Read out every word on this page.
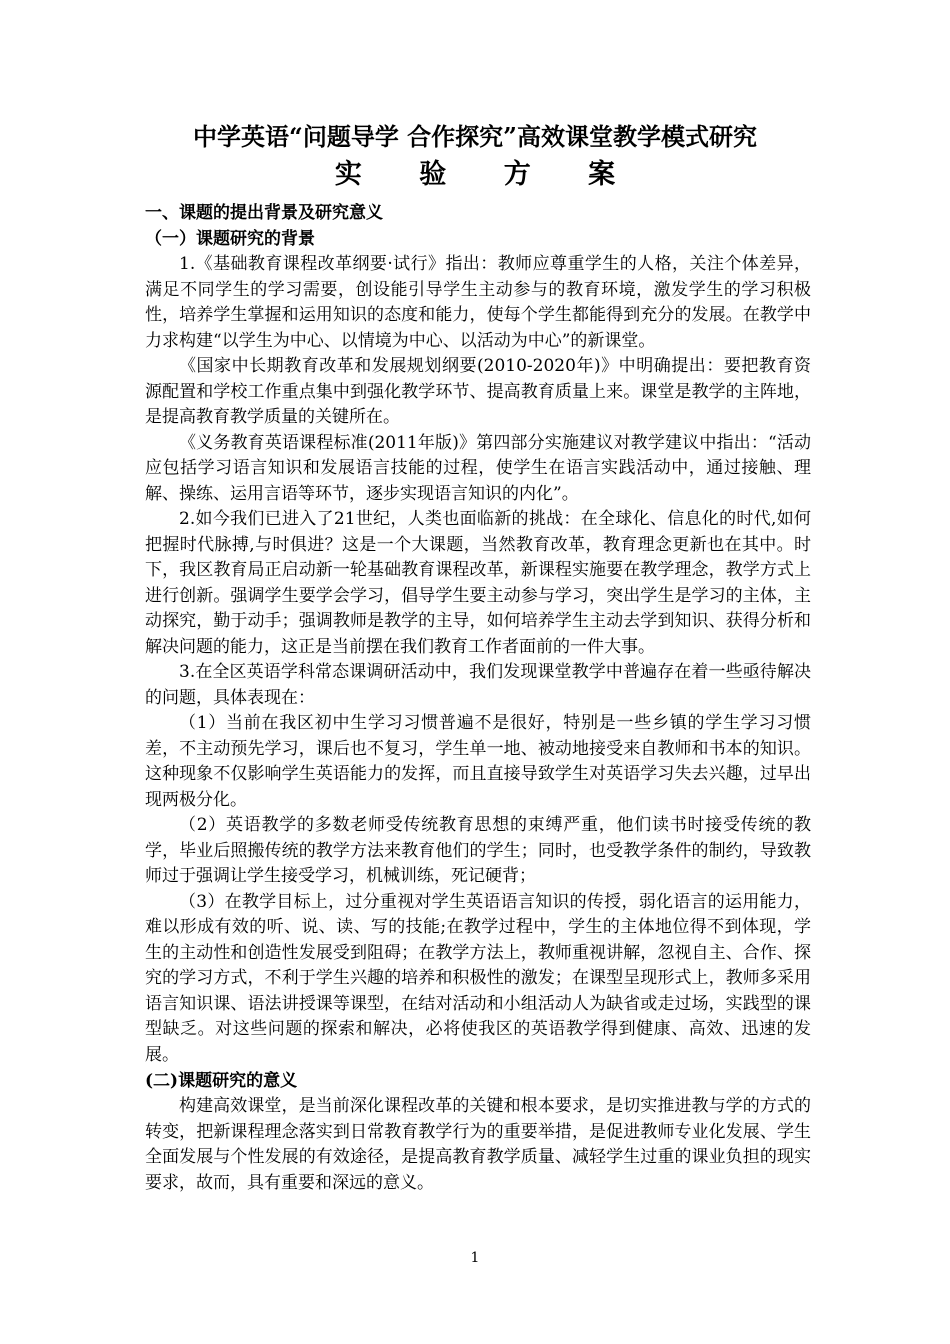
中学英语“问题导学 合作探究”高效课堂教学模式研究
实 验 方 案
一、课题的提出背景及研究意义
（一）课题研究的背景

1.《基础教育课程改革纲要·试行》指出：教师应尊重学生的人格，关注个体差异，满足不同学生的学习需要，创设能引导学生主动参与的教育环境，激发学生的学习积极性，培养学生掌握和运用知识的态度和能力，使每个学生都能得到充分的发展。在教学中力求构建“以学生为中心、以情境为中心、以活动为中心”的新课堂。

《国家中长期教育改革和发展规划纲要(2010-2020年)》中明确提出：要把教育资源配置和学校工作重点集中到强化教学环节、提高教育质量上来。课堂是教学的主阵地，是提高教育教学质量的关键所在。

《义务教育英语课程标准(2011年版)》第四部分实施建议对教学建议中指出：“活动应包括学习语言知识和发展语言技能的过程，使学生在语言实践活动中，通过接触、理解、操练、运用言语等环节，逐步实现语言知识的内化”。

2.如今我们已进入了21世纪，人类也面临新的挑战：在全球化、信息化的时代,如何把握时代脉搏,与时俱进？这是一个大课题，当然教育改革，教育理念更新也在其中。时下，我区教育局正启动新一轮基础教育课程改革，新课程实施要在教学理念，教学方式上进行创新。强调学生要学会学习，倡导学生要主动参与学习，突出学生是学习的主体，主动探究，勤于动手；强调教师是教学的主导，如何培养学生主动去学到知识、获得分析和解决问题的能力，这正是当前摆在我们教育工作者面前的一件大事。

3.在全区英语学科常态课调研活动中，我们发现课堂教学中普遍存在着一些亟待解决的问题，具体表现在：

（1）当前在我区初中生学习习惯普遍不是很好，特别是一些乡镇的学生学习习惯差，不主动预先学习，课后也不复习，学生单一地、被动地接受来自教师和书本的知识。这种现象不仅影响学生英语能力的发挥，而且直接导致学生对英语学习失去兴趣，过早出现两极分化。

（2）英语教学的多数老师受传统教育思想的束缚严重，他们读书时接受传统的教学，毕业后照搬传统的教学方法来教育他们的学生；同时，也受教学条件的制约，导致教师过于强调让学生接受学习，机械训练，死记硬背；

（3）在教学目标上，过分重视对学生英语语言知识的传授，弱化语言的运用能力，难以形成有效的听、说、读、写的技能;在教学过程中，学生的主体地位得不到体现，学生的主动性和创造性发展受到阻碍；在教学方法上，教师重视讲解，忽视自主、合作、探究的学习方式，不利于学生兴趣的培养和积极性的激发；在课型呈现形式上，教师多采用语言知识课、语法讲授课等课型，在结对活动和小组活动人为缺省或走过场，实践型的课型缺乏。对这些问题的探索和解决，必将使我区的英语教学得到健康、高效、迅速的发展。

(二)课题研究的意义

构建高效课堂，是当前深化课程改革的关键和根本要求，是切实推进教与学的方式的转变，把新课程理念落实到日常教育教学行为的重要举措，是促进教师专业化发展、学生全面发展与个性发展的有效途径，是提高教育教学质量、减轻学生过重的课业负担的现实要求，故而，具有重要和深远的意义。

1
